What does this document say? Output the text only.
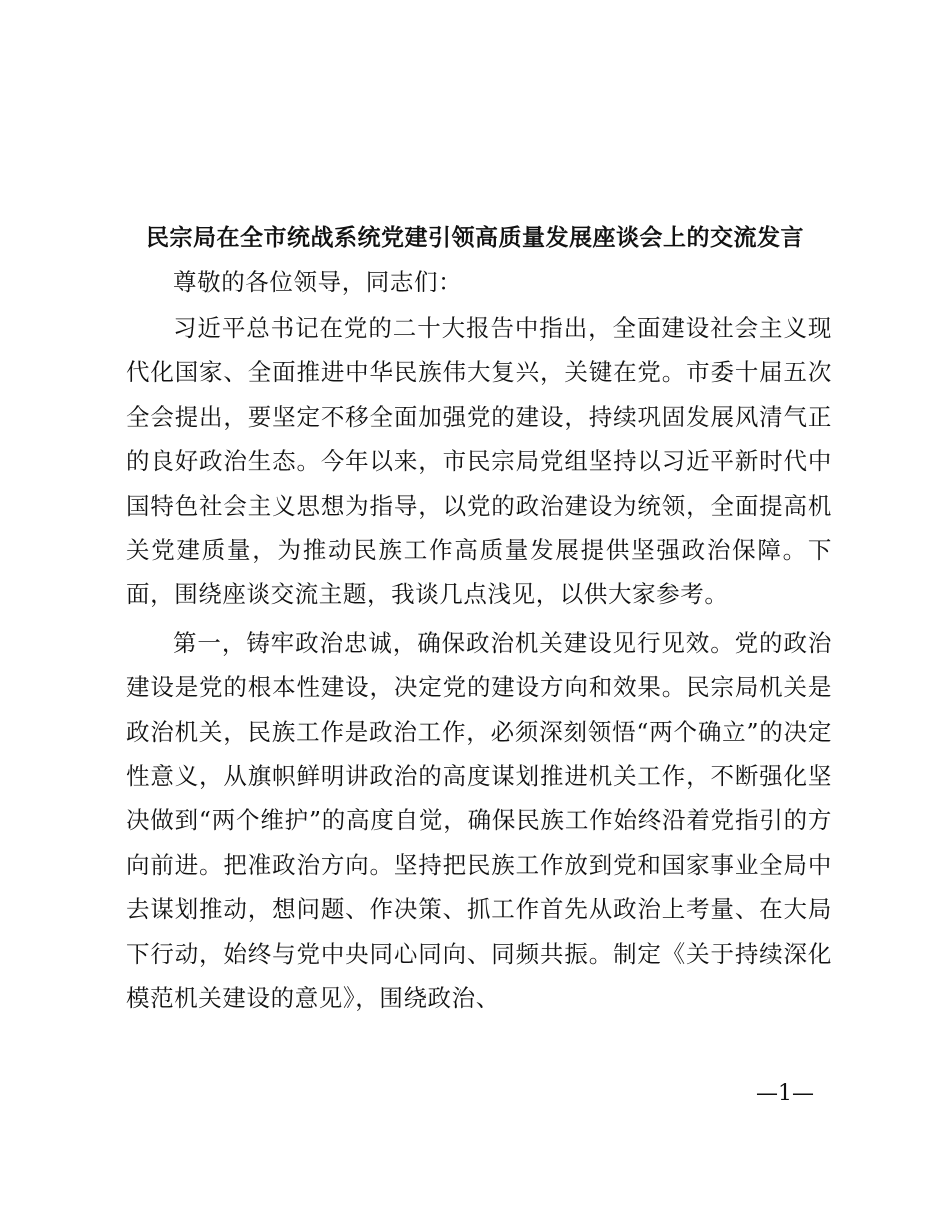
民宗局在全市统战系统党建引领高质量发展座谈会上的交流发言

尊敬的各位领导，同志们：

习近平总书记在党的二十大报告中指出，全面建设社会主义现代化国家、全面推进中华民族伟大复兴，关键在党。市委十届五次全会提出，要坚定不移全面加强党的建设，持续巩固发展风清气正的良好政治生态。今年以来，市民宗局党组坚持以习近平新时代中国特色社会主义思想为指导，以党的政治建设为统领，全面提高机关党建质量，为推动民族工作高质量发展提供坚强政治保障。下面，围绕座谈交流主题，我谈几点浅见，以供大家参考。

第一，铸牢政治忠诚，确保政治机关建设见行见效。党的政治建设是党的根本性建设，决定党的建设方向和效果。民宗局机关是政治机关，民族工作是政治工作，必须深刻领悟“两个确立”的决定性意义，从旗帜鲜明讲政治的高度谋划推进机关工作，不断强化坚决做到“两个维护”的高度自觉，确保民族工作始终沿着党指引的方向前进。把准政治方向。坚持把民族工作放到党和国家事业全局中去谋划推动，想问题、作决策、抓工作首先从政治上考量、在大局下行动，始终与党中央同心同向、同频共振。制定《关于持续深化模范机关建设的意见》，围绕政治、

—1—
